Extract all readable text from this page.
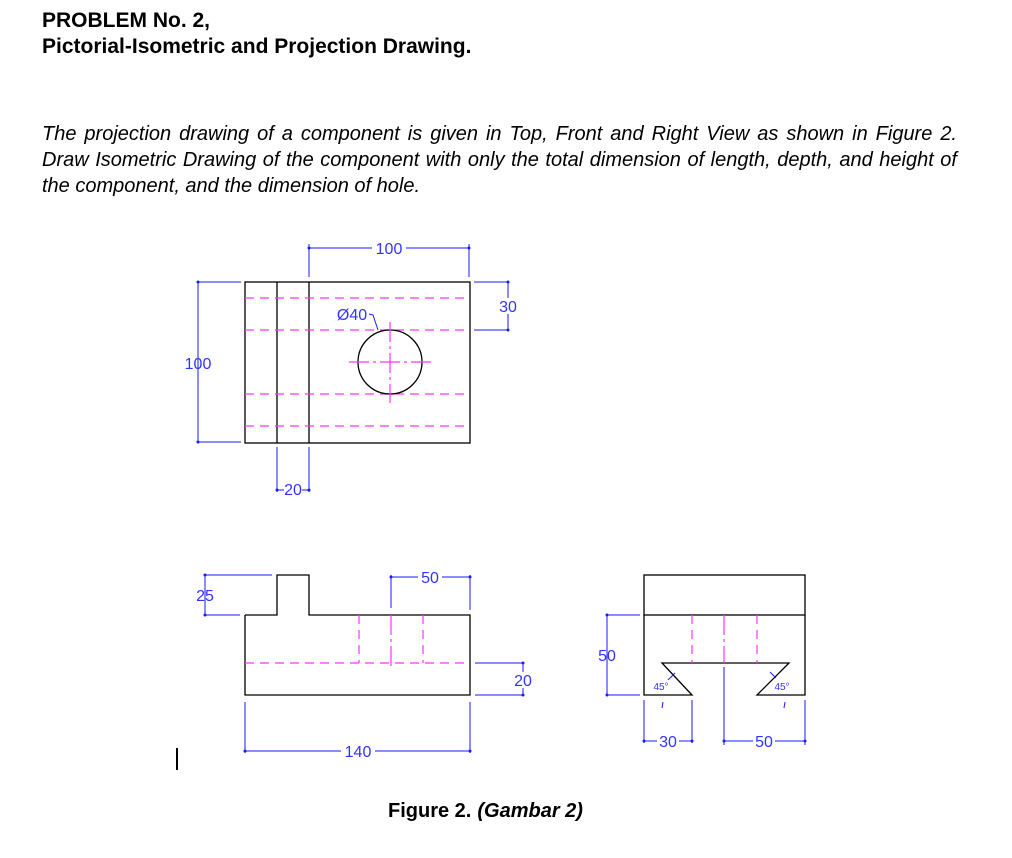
PROBLEM No. 2,
Pictorial-Isometric and Projection Drawing.
The projection drawing of a component is given in Top, Front and Right View as shown in Figure 2. Draw Isometric Drawing of the component with only the total dimension of length, depth, and height of the component, and the dimension of hole.
100
30
100
20
Ø40
25
50
20
140
50
45°	45°
30	50
Figure 2. (Gambar 2)
